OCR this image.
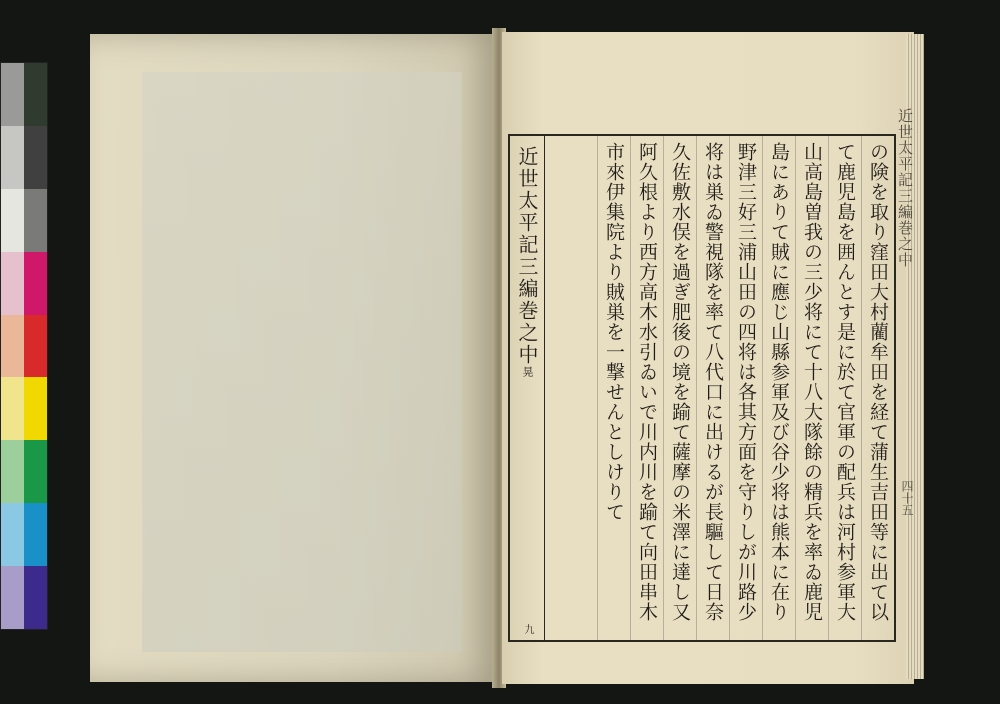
近世太平記三編巻之中晃
九
の険を取り窪田大村藺牟田を経て蒲生吉田等に出て以
て鹿児島を囲んとす是に於て官軍の配兵は河村参軍大
山高島曽我の三少将にて十八大隊餘の精兵を率ゐ鹿児
島にありて賊に應じ山縣参軍及び谷少将は熊本に在り
野津三好三浦山田の四将は各其方面を守りしが川路少
将は巣ゐ警視隊を率て八代口に出けるが長驅して日奈
久佐敷水俣を過ぎ肥後の境を踰て薩摩の米澤に達し又
阿久根より西方高木水引ゐいで川内川を踰て向田串木
市來伊集院より賊巣を一撃せんとしけりて	近世太平記三編巻之中
四十五
